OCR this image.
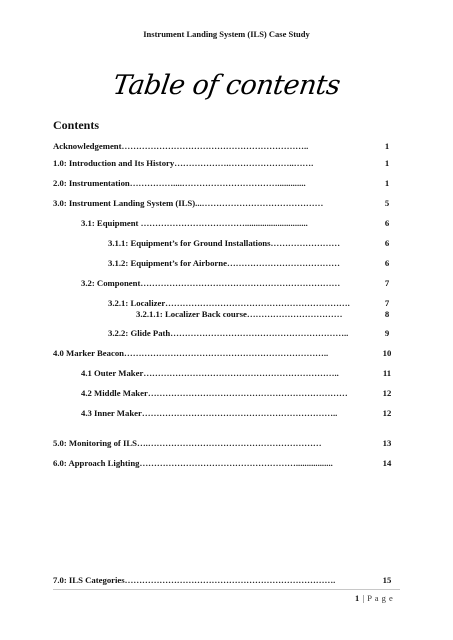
Instrument Landing System (ILS) Case Study
Table of contents
Contents
Acknowledgement………………………………………………………..	1
1.0: Introduction and Its History……………….…………………..…….	1
2.0: Instrumentation……………....…………………………….............	1
3.0: Instrument Landing System (ILS)...……………………………………	5
3.1: Equipment ……………………………….............................	6
3.1.1: Equipment’s for Ground Installations……………………	6
3.1.2: Equipment’s for Airborne…………………………………	6
3.2: Component……………………………………………………………	7
3.2.1: Localizer……………………………………………………….	7
3.2.1.1: Localizer Back course……………………………	8
3.2.2: Glide Path……………………………………………………..	9
4.0 Marker Beacon……………………………………………………………..	10
4.1 Outer Maker…………………………………………………………..	11
4.2 Middle Maker……………………………………………………………	12
4.3 Inner Maker…………………………………………………………..	12
5.0: Monitoring of ILS….……………………………………………………	13
6.0: Approach Lighting……………………………………………….................	14
7.0: ILS Categories……………………………………………………………….	15
1 | P a g e
